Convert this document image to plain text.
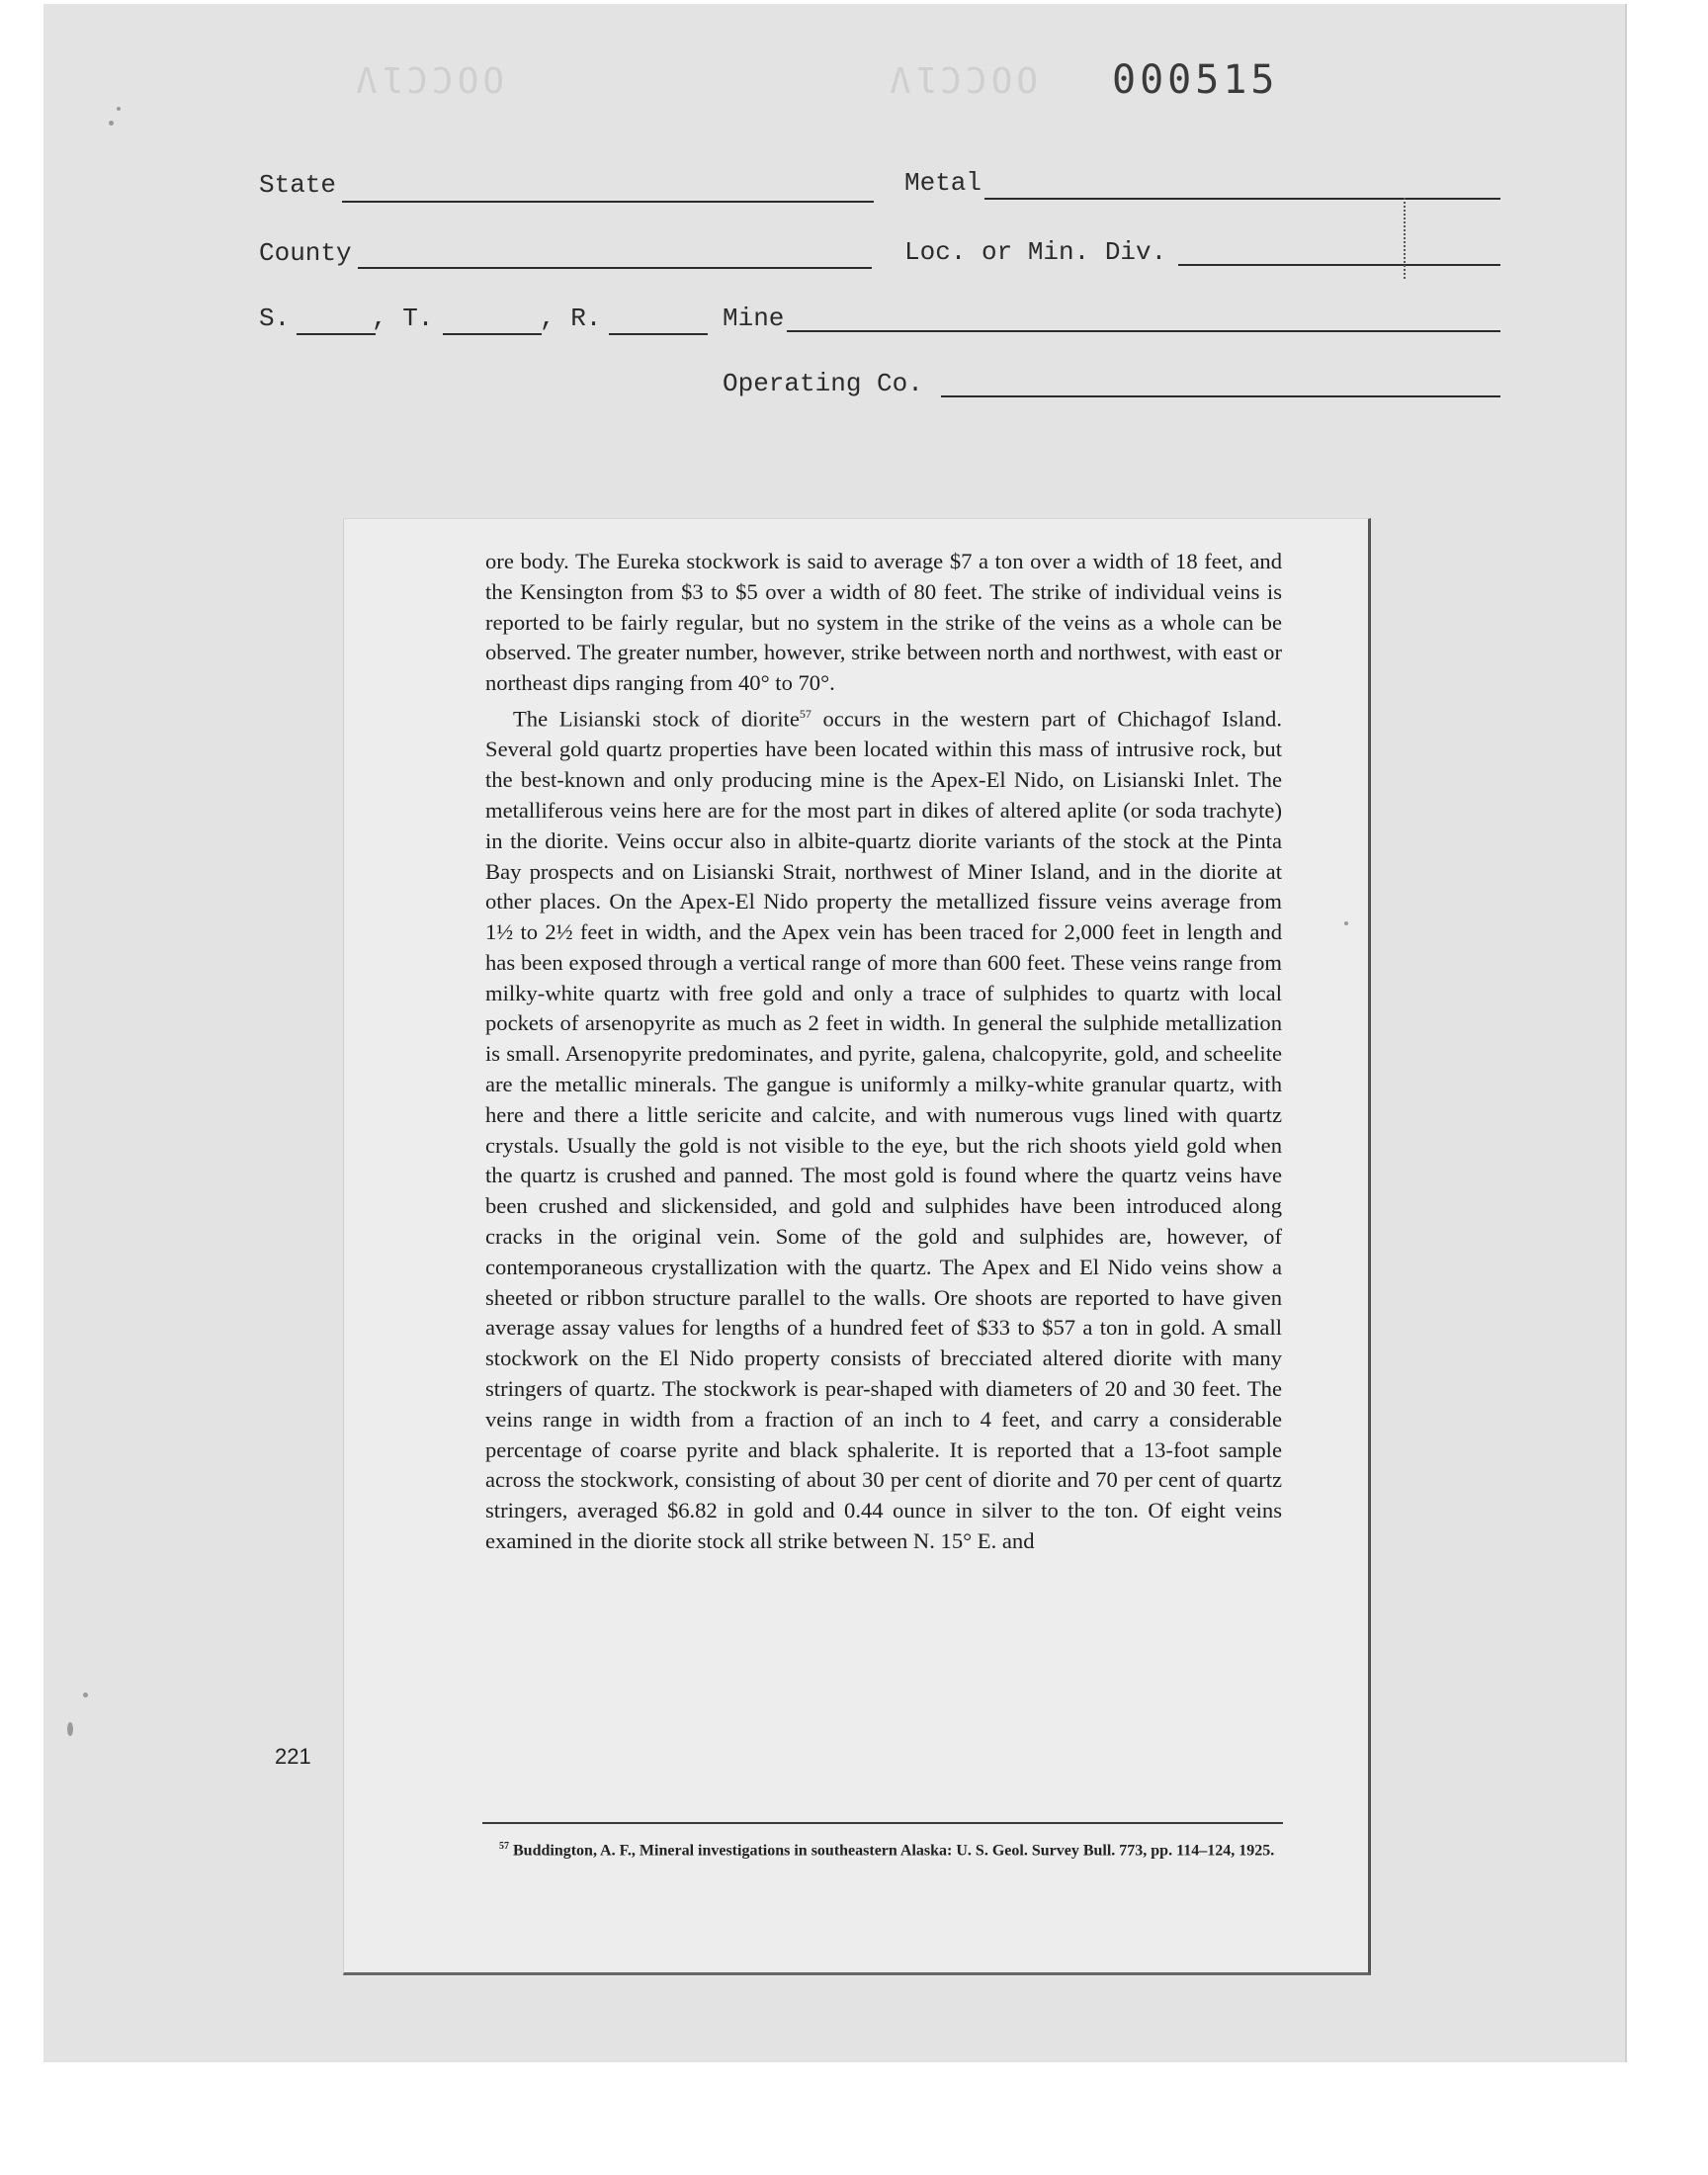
ɅƖƆƆOO	ɅƖƆƆOO 000515
State	Metal
County	Loc. or Min. Div.
S.	, T.	, R.	Mine
Operating Co.
221

ore body. The Eureka stockwork is said to average $7 a ton over a width of 18 feet, and the Kensington from $3 to $5 over a width of 80 feet. The strike of individual veins is reported to be fairly regular, but no system in the strike of the veins as a whole can be observed. The greater number, however, strike between north and northwest, with east or northeast dips ranging from 40° to 70°.

The Lisianski stock of diorite$^{57}$ occurs in the western part of Chichagof Island. Several gold quartz properties have been located within this mass of intrusive rock, but the best-known and only producing mine is the Apex-El Nido, on Lisianski Inlet. The metalliferous veins here are for the most part in dikes of altered aplite (or soda trachyte) in the diorite. Veins occur also in albite-quartz diorite variants of the stock at the Pinta Bay prospects and on Lisianski Strait, northwest of Miner Island, and in the diorite at other places. On the Apex-El Nido property the metallized fissure veins average from 1½ to 2½ feet in width, and the Apex vein has been traced for 2,000 feet in length and has been exposed through a vertical range of more than 600 feet. These veins range from milky-white quartz with free gold and only a trace of sulphides to quartz with local pockets of arsenopyrite as much as 2 feet in width. In general the sulphide metallization is small. Arsenopyrite predominates, and pyrite, galena, chalcopyrite, gold, and scheelite are the metallic minerals. The gangue is uniformly a milky-white granular quartz, with here and there a little sericite and calcite, and with numerous vugs lined with quartz crystals. Usually the gold is not visible to the eye, but the rich shoots yield gold when the quartz is crushed and panned. The most gold is found where the quartz veins have been crushed and slickensided, and gold and sulphides have been introduced along cracks in the original vein. Some of the gold and sulphides are, however, of contemporaneous crystallization with the quartz. The Apex and El Nido veins show a sheeted or ribbon structure parallel to the walls. Ore shoots are reported to have given average assay values for lengths of a hundred feet of $33 to $57 a ton in gold. A small stockwork on the El Nido property consists of brecciated altered diorite with many stringers of quartz. The stockwork is pear-shaped with diameters of 20 and 30 feet. The veins range in width from a fraction of an inch to 4 feet, and carry a considerable percentage of coarse pyrite and black sphalerite. It is reported that a 13-foot sample across the stockwork, consisting of about 30 per cent of diorite and 70 per cent of quartz stringers, averaged $6.82 in gold and 0.44 ounce in silver to the ton. Of eight veins examined in the diorite stock all strike between N. 15° E. and

$^{57}$ Buddington, A. F., Mineral investigations in southeastern Alaska: U. S. Geol. Survey Bull. 773, pp. 114–124, 1925.
